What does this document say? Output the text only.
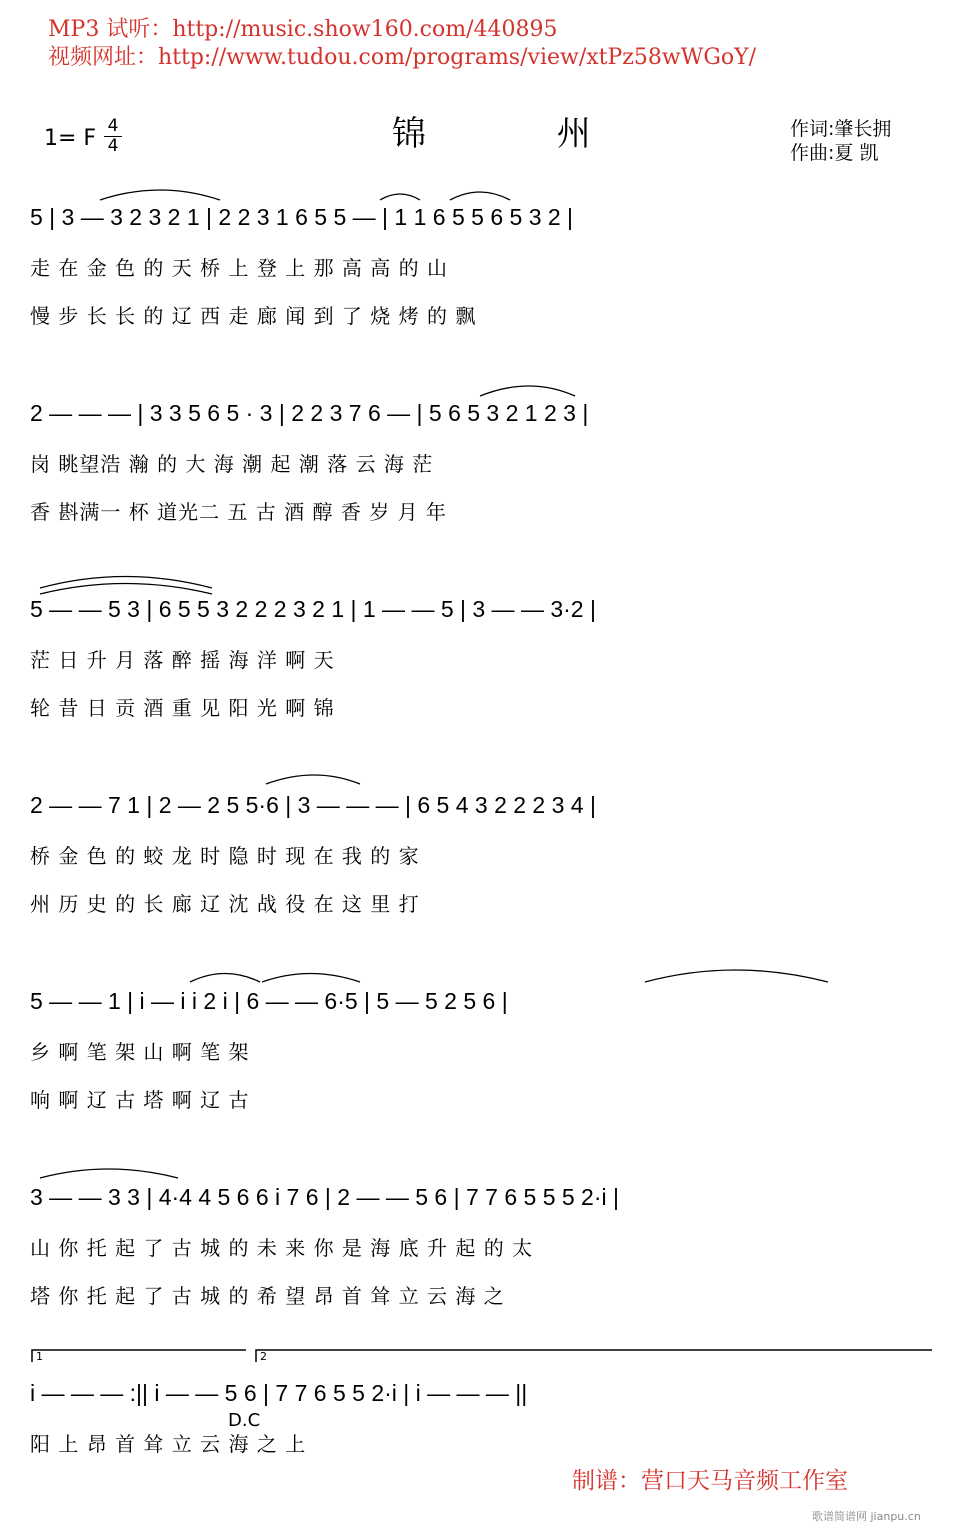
MP3 试听：http://music.show160.com/440895
视频网址：http://www.tudou.com/programs/view/xtPz58wWGoY/
锦 州
1= F 4
4
作词:肇长拥
作曲:夏 凯
5 | 3 — 3 2 3 2 1 | 2 2 3 1 6 5 5 — | 1 1 6 5 5 6 5 3 2 |
走 在 金 色 的 天 桥 上 登 上 那 高 高 的 山
慢 步 长 长 的 辽 西 走 廊 闻 到 了 烧 烤 的 飘
2 — — — | 3 3 5 6 5 · 3 | 2 2 3 7 6 — | 5 6 5 3 2 1 2 3 |
岗 眺望浩 瀚 的 大 海 潮 起 潮 落 云 海 茫
香 斟满一 杯 道光二 五 古 酒 醇 香 岁 月 年
5 — — 5 3 | 6 5 5 3 2 2 2 3 2 1 | 1 — — 5 | 3 — — 3·2 |
茫 日 升 月 落 醉 摇 海 洋 啊 天
轮 昔 日 贡 酒 重 见 阳 光 啊 锦
2 — — 7 1 | 2 — 2 5 5·6 | 3 — — — | 6 5 4 3 2 2 2 3 4 |
桥 金 色 的 蛟 龙 时 隐 时 现 在 我 的 家
州 历 史 的 长 廊 辽 沈 战 役 在 这 里 打
5 — — 1 | i — i i 2 i | 6 — — 6·5 | 5 — 5 2 5 6 |
乡 啊 笔 架 山 啊 笔 架
响 啊 辽 古 塔 啊 辽 古
3 — — 3 3 | 4·4 4 5 6 6 i 7 6 | 2 — — 5 6 | 7 7 6 5 5 5 2·i |
山 你 托 起 了 古 城 的 未 来 你 是 海 底 升 起 的 太
塔 你 托 起 了 古 城 的 希 望 昂 首 耸 立 云 海 之
1	2
i — — — :|| i — — 5 6 | 7 7 6 5 5 2·i | i — — — ||
D.C
阳 上 昂 首 耸 立 云 海 之 上
制谱：营口天马音频工作室
歌谱简谱网 jianpu.cn
